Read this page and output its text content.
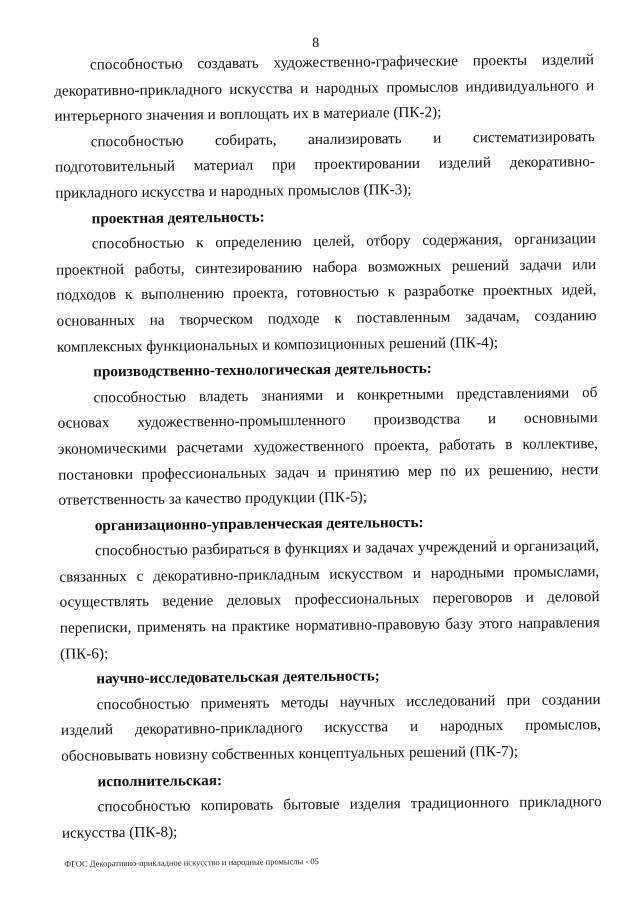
8

способностью создавать художественно-графические проекты изделий декоративно-прикладного искусства и народных промыслов индивидуального и интерьерного значения и воплощать их в материале (ПК-2);

способностью собирать, анализировать и систематизировать подготовительный материал при проектировании изделий декоративно-прикладного искусства и народных промыслов (ПК-3);

проектная деятельность:

способностью к определению целей, отбору содержания, организации проектной работы, синтезированию набора возможных решений задачи или подходов к выполнению проекта, готовностью к разработке проектных идей, основанных на творческом подходе к поставленным задачам, созданию комплексных функциональных и композиционных решений (ПК-4);

производственно-технологическая деятельность:

способностью владеть знаниями и конкретными представлениями об основах художественно-промышленного производства и основными экономическими расчетами художественного проекта, работать в коллективе, постановки профессиональных задач и принятию мер по их решению, нести ответственность за качество продукции (ПК-5);

организационно-управленческая деятельность:

способностью разбираться в функциях и задачах учреждений и организаций, связанных с декоративно-прикладным искусством и народными промыслами, осуществлять ведение деловых профессиональных переговоров и деловой переписки, применять на практике нормативно-правовую базу этого направления (ПК-6);

научно-исследовательская деятельность;

способностью применять методы научных исследований при создании изделий декоративно-прикладного искусства и народных промыслов, обосновывать новизну собственных концептуальных решений (ПК-7);

исполнительская:

способностью копировать бытовые изделия традиционного прикладного искусства (ПК-8);

ФГОС Декоративно-прикладное искусство и народные промыслы - 05
